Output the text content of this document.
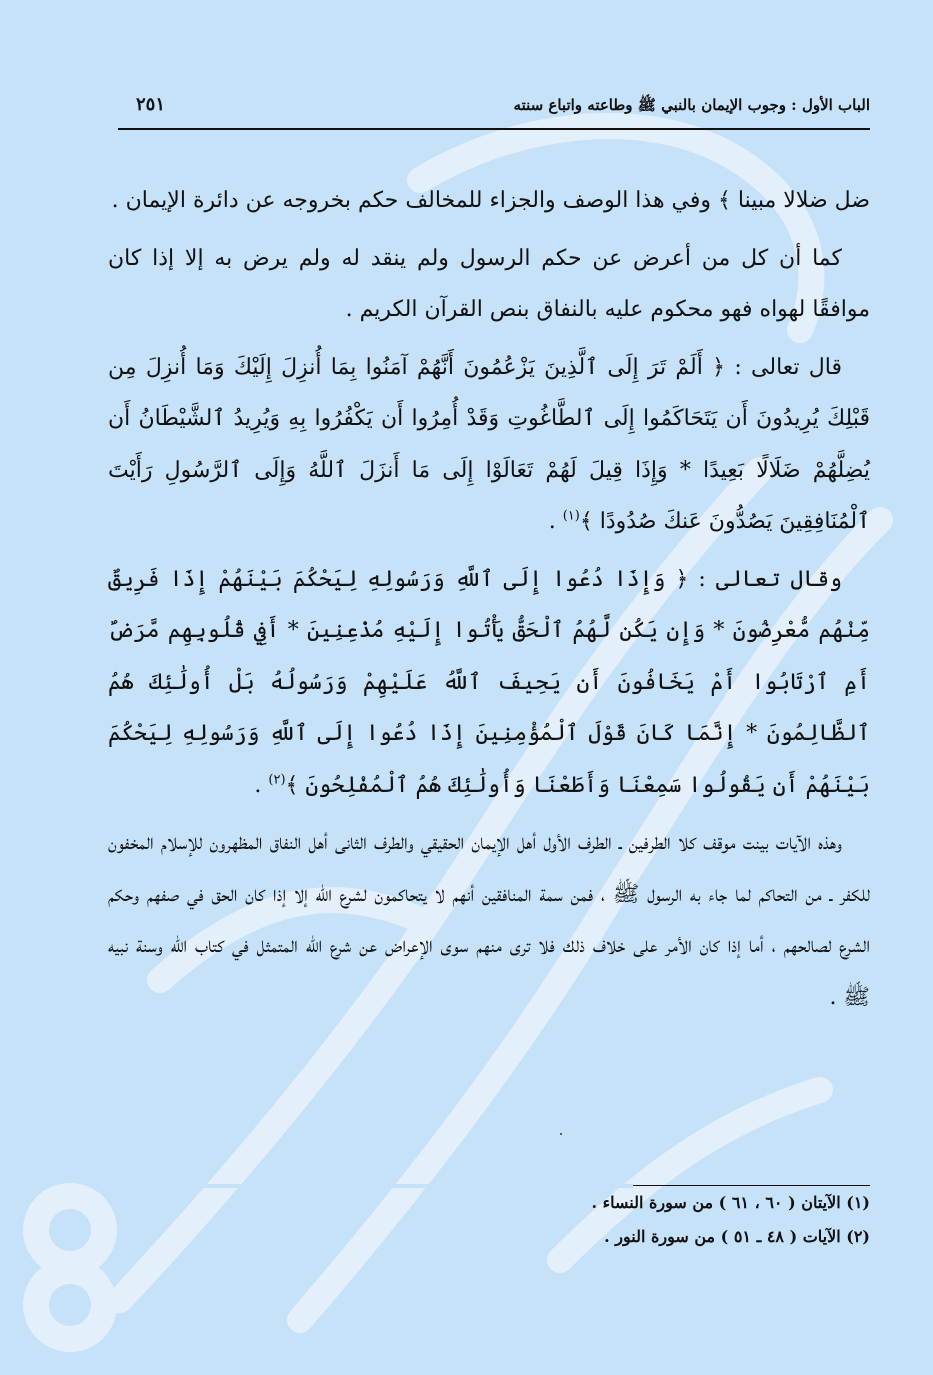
الباب الأول : وجوب الإيمان بالنبي ﷺ وطاعته واتباع سنته
٢٥١

ضل ضلالا مبينا ﴾ وفي هذا الوصف والجزاء للمخالف حكم بخروجه عن دائرة الإيمان .

كما أن كل من أعرض عن حكم الرسول ولم ينقد له ولم يرض به إلا إذا كان موافقًا لهواه فهو محكوم عليه بالنفاق بنص القرآن الكريم .

قال تعالى : ﴿ أَلَمْ تَرَ إِلَى ٱلَّذِينَ يَزْعُمُونَ أَنَّهُمْ آمَنُوا بِمَا أُنزِلَ إِلَيْكَ وَمَا أُنزِلَ مِن قَبْلِكَ يُرِيدُونَ أَن يَتَحَاكَمُوا إِلَى ٱلطَّاغُوتِ وَقَدْ أُمِرُوا أَن يَكْفُرُوا بِهِ وَيُرِيدُ ٱلشَّيْطَانُ أَن يُضِلَّهُمْ ضَلَالًا بَعِيدًا * وَإِذَا قِيلَ لَهُمْ تَعَالَوْا إِلَى مَا أَنزَلَ ٱللَّهُ وَإِلَى ٱلرَّسُولِ رَأَيْتَ ٱلْمُنَافِقِينَ يَصُدُّونَ عَنكَ صُدُودًا ﴾$^{(١)}$ .

وقال تعالى : ﴿ وَإِذَا دُعُوا إِلَى ٱللَّهِ وَرَسُولِهِ لِيَحْكُمَ بَيْنَهُمْ إِذَا فَرِيقٌ مِّنْهُم مُّعْرِضُونَ * وَإِن يَكُن لَّهُمُ ٱلْحَقُّ يَأْتُوا إِلَيْهِ مُذْعِنِينَ * أَفِي قُلُوبِهِم مَّرَضٌ أَمِ ٱرْتَابُوا أَمْ يَخَافُونَ أَن يَحِيفَ ٱللَّهُ عَلَيْهِمْ وَرَسُولُهُ بَلْ أُولَٰئِكَ هُمُ ٱلظَّالِمُونَ * إِنَّمَا كَانَ قَوْلَ ٱلْمُؤْمِنِينَ إِذَا دُعُوا إِلَى ٱللَّهِ وَرَسُولِهِ لِيَحْكُمَ بَيْنَهُمْ أَن يَقُولُوا سَمِعْنَا وَأَطَعْنَا وَأُولَٰئِكَ هُمُ ٱلْمُفْلِحُونَ ﴾$^{(٢)}$ .

وهذه الآيات بينت موقف كلا الطرفين ـ الطرف الأول أهل الإيمان الحقيقي والطرف الثانى أهل النفاق المظهرون للإسلام المخفون للكفر ـ من التحاكم لما جاء به الرسول ﷺ ، فمن سمة المنافقين أنهم لا يتحاكمون لشرع اللّه إلا إذا كان الحق في صفهم وحكم الشرع لصالحهم ، أما إذا كان الأمر على خلاف ذلك فلا ترى منهم سوى الإعراض عن شرع اللّه المتمثل في كتاب اللّه وسنة نبيه ﷺ .

(١) الآيتان ( ٦٠ ، ٦١ ) من سورة النساء .

(٢) الآيات ( ٤٨ ـ ٥١ ) من سورة النور .
